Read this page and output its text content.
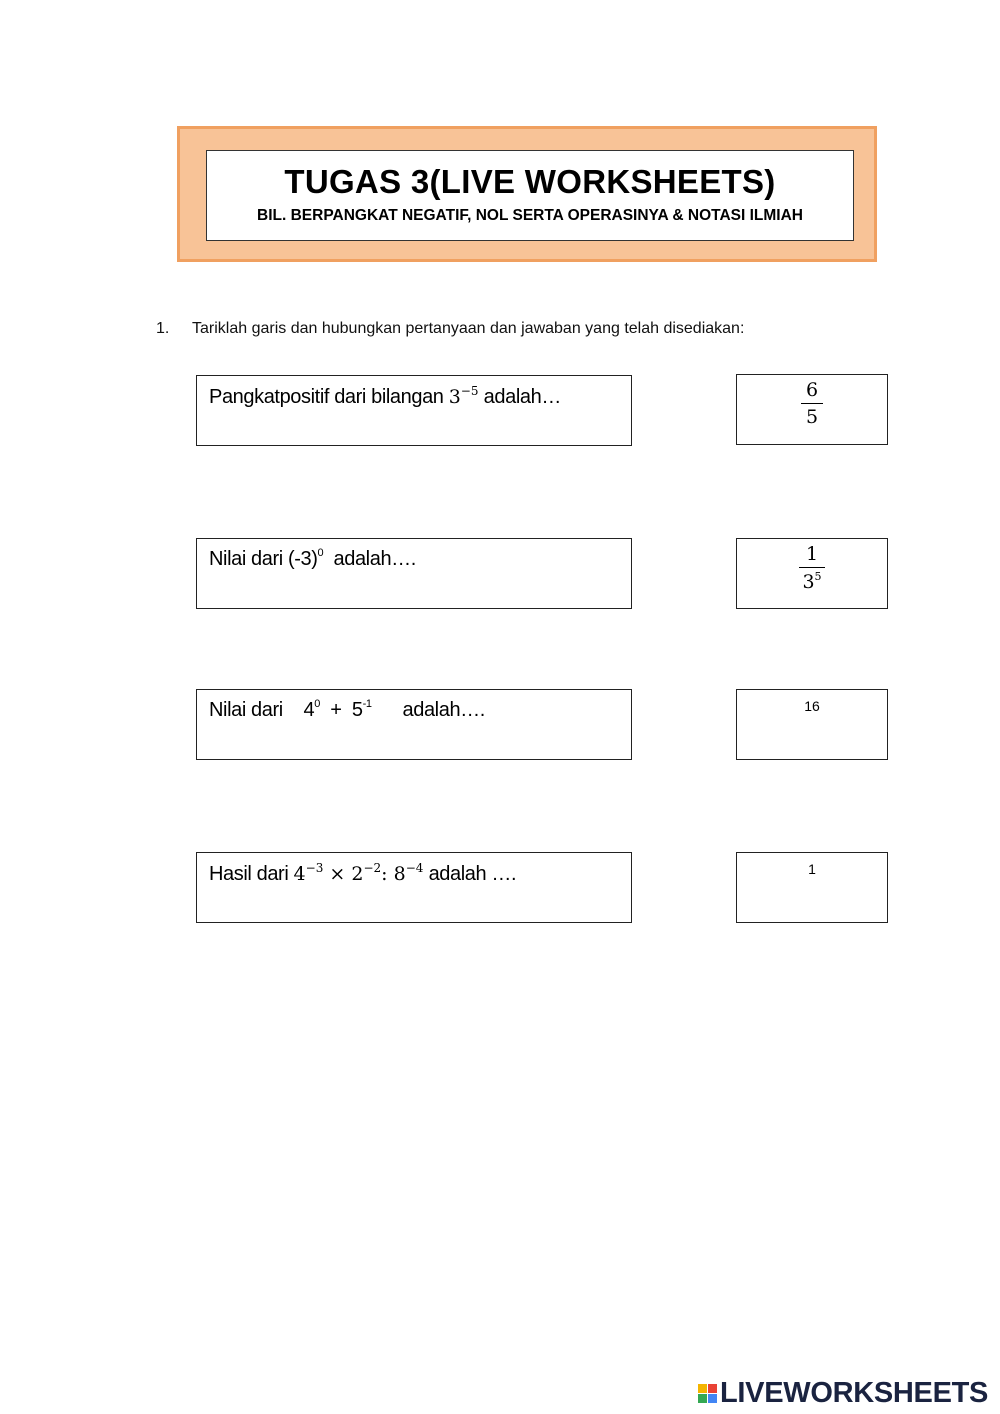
TUGAS 3(LIVE WORKSHEETS)
BIL. BERPANGKAT NEGATIF, NOL SERTA OPERASINYA & NOTASI ILMIAH
1. Tariklah garis dan hubungkan pertanyaan dan jawaban yang telah disediakan:
Pangkatpositif dari bilangan $3^{-5}$ adalah…	$\frac{6}{5}$
Nilai dari $(-3)^0$ adalah….	$\frac{1}{3^5}$
Nilai dari $4^0 + 5^{-1}$ adalah….	16
Hasil dari $4^{-3} \times 2^{-2}$: $8^{-4}$ adalah ….	1
LIVEWORKSHEETS
